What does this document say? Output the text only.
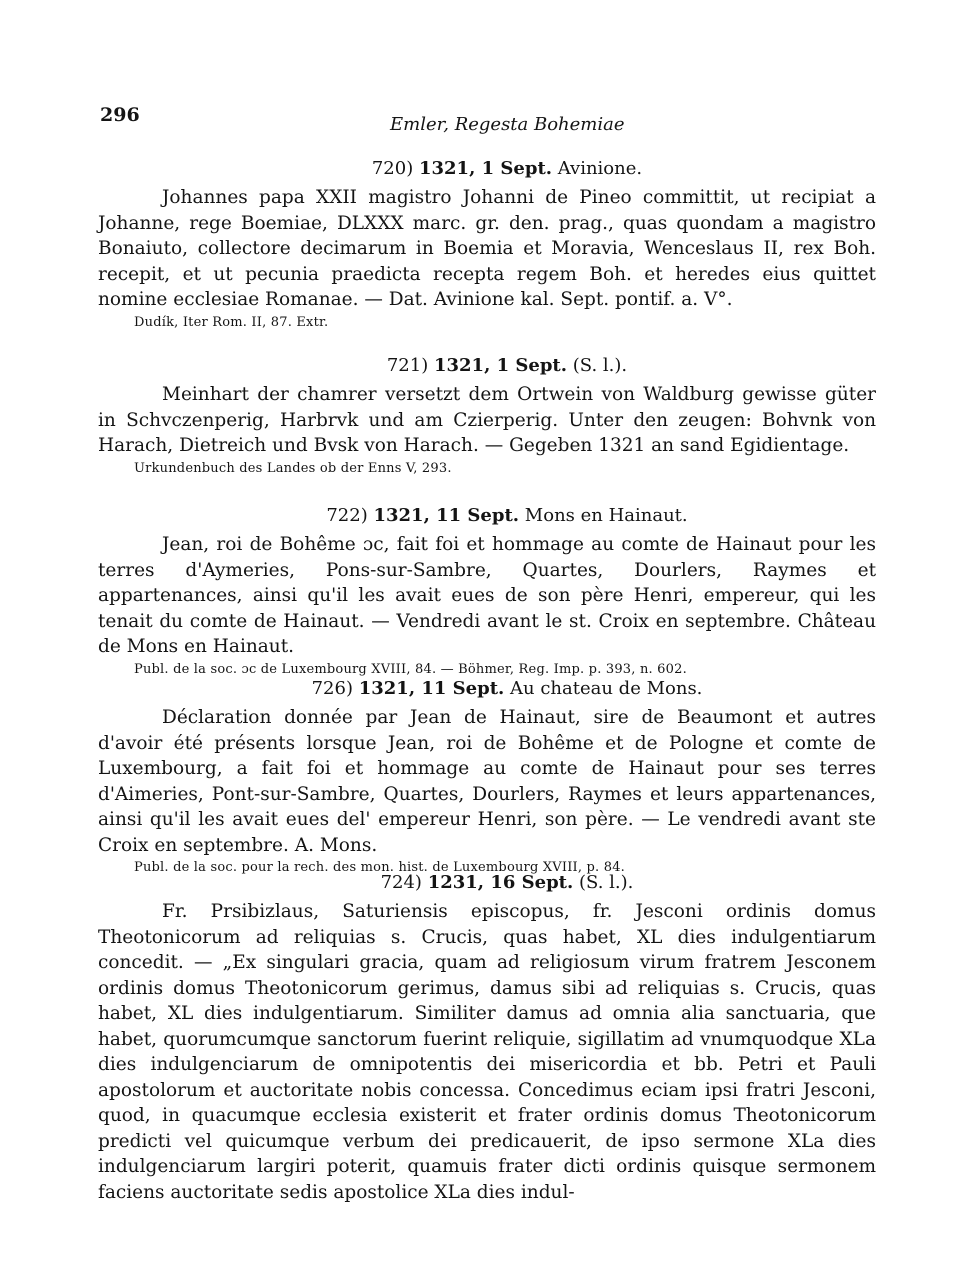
296	Emler, Regesta Bohemiae
720) 1321, 1 Sept. Avinione.

Johannes papa XXII magistro Johanni de Pineo committit, ut recipiat a Johanne, rege Boemiae, DLXXX marc. gr. den. prag., quas quondam a magistro Bonaiuto, collectore decimarum in Boemia et Moravia, Wenceslaus II, rex Boh. recepit, et ut pecunia praedicta recepta regem Boh. et heredes eius quittet nomine ecclesiae Romanae. — Dat. Avinione kal. Sept. pontif. a. V°.

Dudík, Iter Rom. II, 87. Extr.

721) 1321, 1 Sept. (S. l.).

Meinhart der chamrer versetzt dem Ortwein von Waldburg gewisse güter in Schvczenperig, Harbrvk und am Czierperig. Unter den zeugen: Bohvnk von Harach, Dietreich und Bvsk von Harach. — Gegeben 1321 an sand Egidientage.

Urkundenbuch des Landes ob der Enns V, 293.

722) 1321, 11 Sept. Mons en Hainaut.

Jean, roi de Bohême ɔc, fait foi et hommage au comte de Hainaut pour les terres d'Aymeries, Pons-sur-Sambre, Quartes, Dourlers, Raymes et appartenances, ainsi qu'il les avait eues de son père Henri, empereur, qui les tenait du comte de Hainaut. — Vendredi avant le st. Croix en septembre. Château de Mons en Hainaut.

Publ. de la soc. ɔc de Luxembourg XVIII, 84. — Böhmer, Reg. Imp. p. 393, n. 602.

726) 1321, 11 Sept. Au chateau de Mons.

Déclaration donnée par Jean de Hainaut, sire de Beaumont et autres d'avoir été présents lorsque Jean, roi de Bohême et de Pologne et comte de Luxembourg, a fait foi et hommage au comte de Hainaut pour ses terres d'Aimeries, Pont-sur-Sambre, Quartes, Dourlers, Raymes et leurs appartenances, ainsi qu'il les avait eues del' empereur Henri, son père. — Le vendredi avant ste Croix en septembre. A. Mons.

Publ. de la soc. pour la rech. des mon. hist. de Luxembourg XVIII, p. 84.

724) 1231, 16 Sept. (S. l.).

Fr. Prsibizlaus, Saturiensis episcopus, fr. Jesconi ordinis domus Theotonicorum ad reliquias s. Crucis, quas habet, XL dies indulgentiarum concedit. — „Ex singulari gracia, quam ad religiosum virum fratrem Jesconem ordinis domus Theotonicorum gerimus, damus sibi ad reliquias s. Crucis, quas habet, XL dies indulgentiarum. Similiter damus ad omnia alia sanctuaria, que habet, quorumcumque sanctorum fuerint reliquie, sigillatim ad vnumquodque XLa dies indulgenciarum de omnipotentis dei misericordia et bb. Petri et Pauli apostolorum et auctoritate nobis concessa. Concedimus eciam ipsi fratri Jesconi, quod, in quacumque ecclesia existerit et frater ordinis domus Theotonicorum predicti vel quicumque verbum dei predicauerit, de ipso sermone XLa dies indulgenciarum largiri poterit, quamuis frater dicti ordinis quisque sermonem faciens auctoritate sedis apostolice XLa dies indul-
